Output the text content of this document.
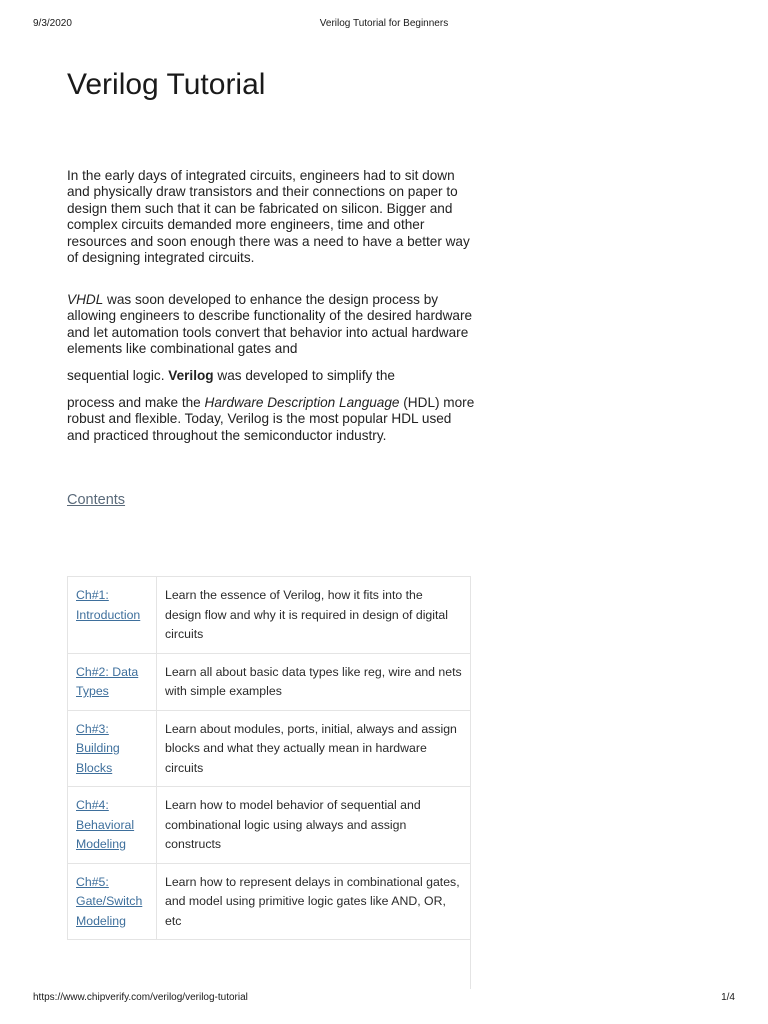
9/3/2020	Verilog Tutorial for Beginners
Verilog Tutorial

In the early days of integrated circuits, engineers had to sit down and physically draw transistors and their connections on paper to design them such that it can be fabricated on silicon. Bigger and complex circuits demanded more engineers, time and other resources and soon enough there was a need to have a better way of designing integrated circuits.

VHDL was soon developed to enhance the design process by allowing engineers to describe functionality of the desired hardware and let automation tools convert that behavior into actual hardware elements like combinational gates and

sequential logic. Verilog was developed to simplify the

process and make the Hardware Description Language (HDL) more robust and flexible. Today, Verilog is the most popular HDL used and practiced throughout the semiconductor industry.

Contents
Ch#1: Introduction	Learn the essence of Verilog, how it fits into the design flow and why it is required in design of digital circuits
Ch#2: Data Types	Learn all about basic data types like reg, wire and nets with simple examples
Ch#3: Building Blocks	Learn about modules, ports, initial, always and assign blocks and what they actually mean in hardware circuits
Ch#4: Behavioral Modeling	Learn how to model behavior of sequential and combinational logic using always and assign constructs
Ch#5: Gate/Switch Modeling	Learn how to represent delays in combinational gates, and model using primitive logic gates like AND, OR, etc
https://www.chipverify.com/verilog/verilog-tutorial	1/4
